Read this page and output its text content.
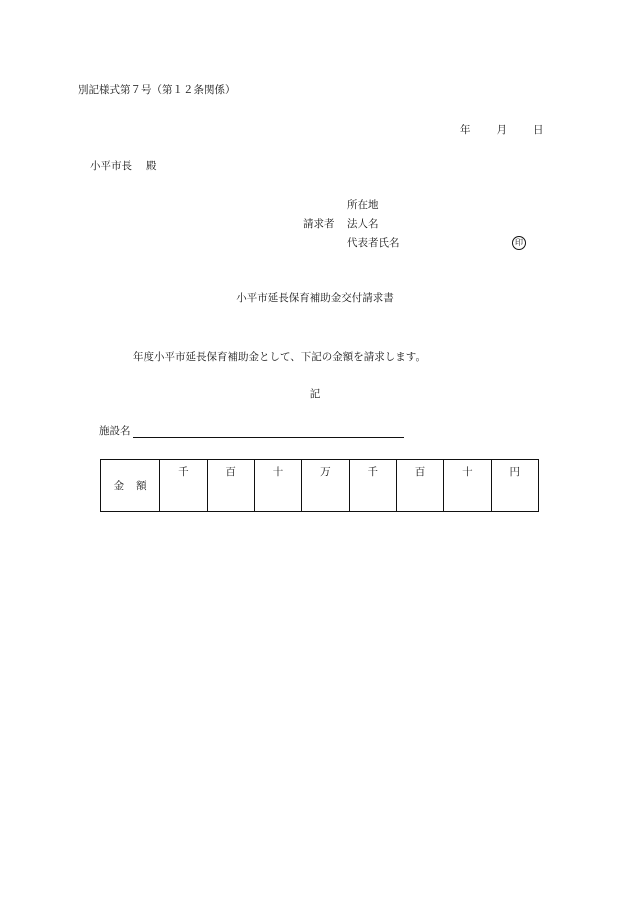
別記様式第７号（第１２条関係）
年 月 日
小平市長 殿
所在地
請求者 法人名
代表者氏名	印
小平市延長保育補助金交付請求書
年度小平市延長保育補助金として、下記の金額を請求します。
記
施設名
金 額	千	百	十	万	千	百	十	円
